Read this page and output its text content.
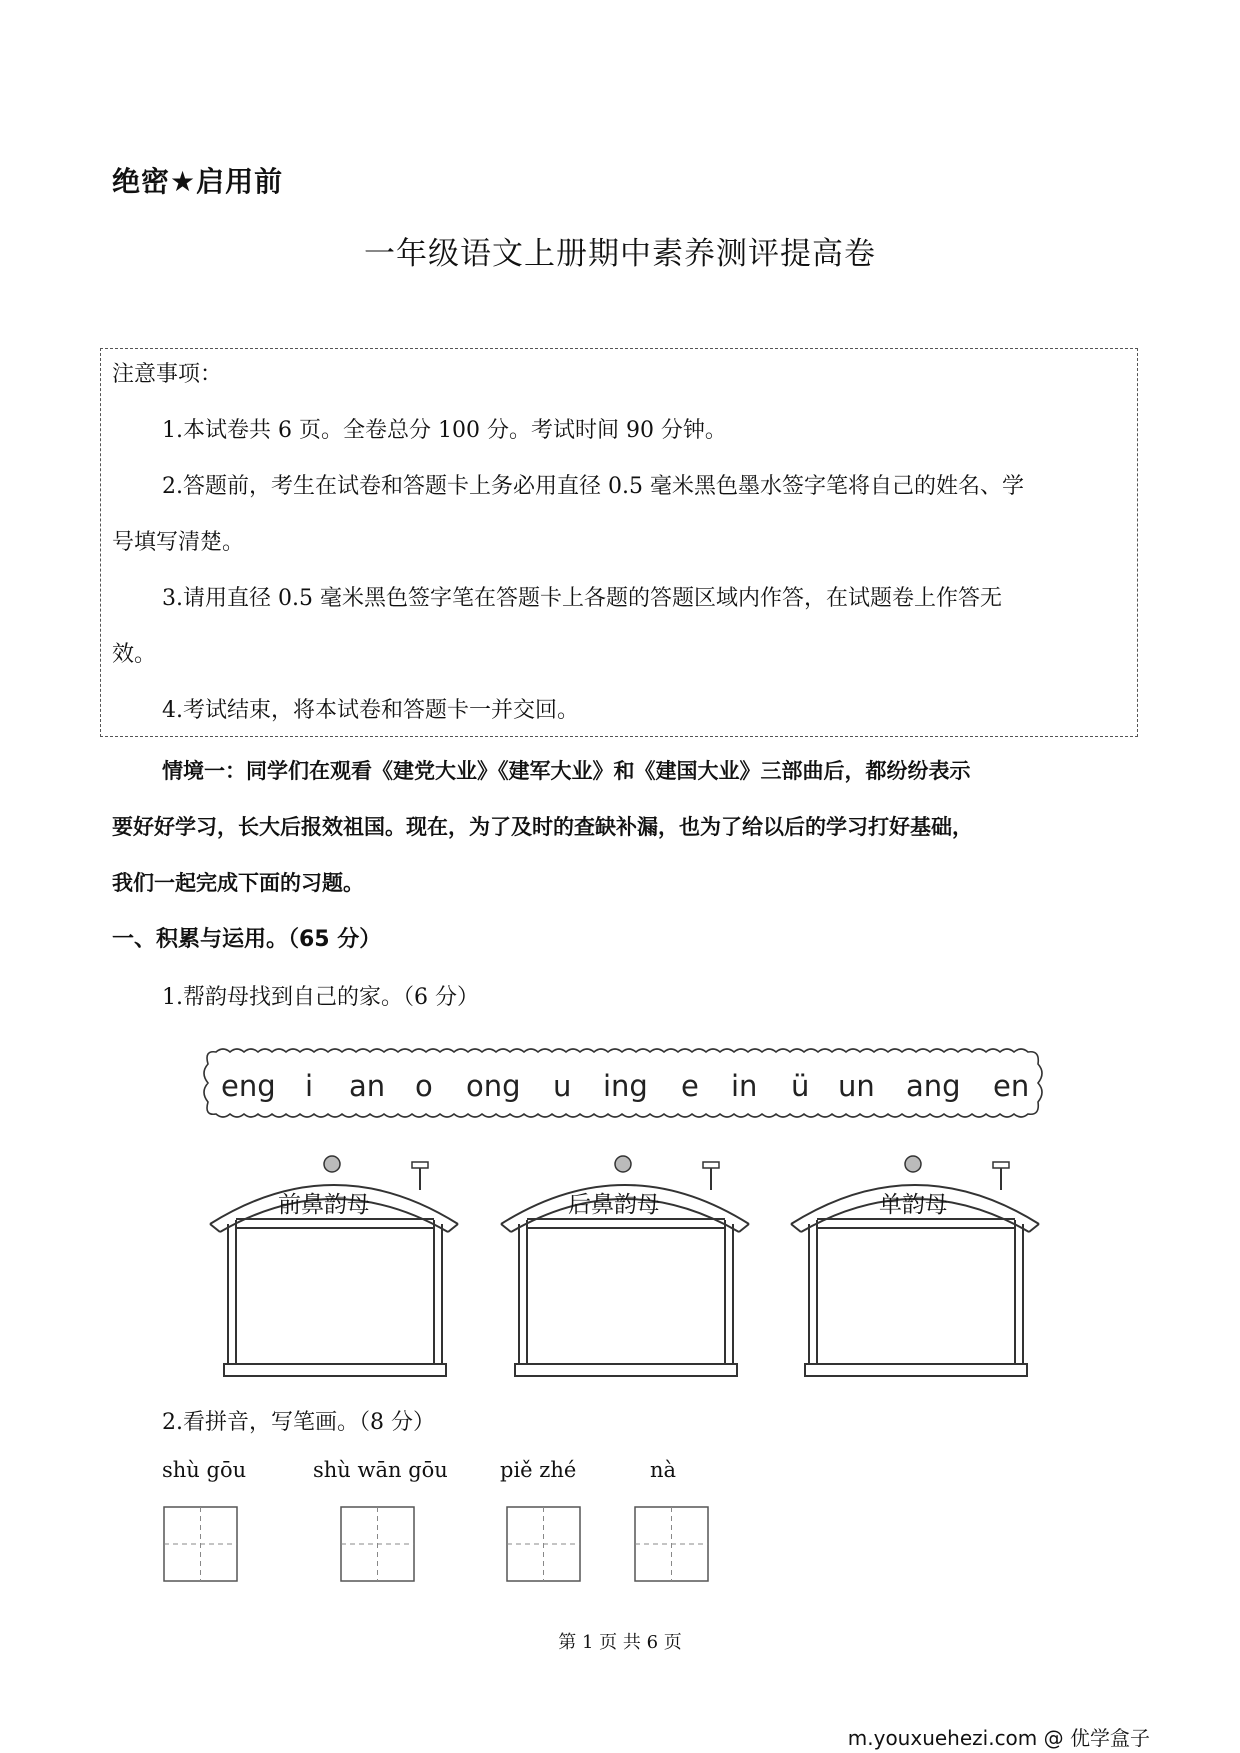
绝密★启用前
一年级语文上册期中素养测评提高卷
注意事项：
1.本试卷共 6 页。全卷总分 100 分。考试时间 90 分钟。
2.答题前，考生在试卷和答题卡上务必用直径 0.5 毫米黑色墨水签字笔将自己的姓名、学
号填写清楚。
3.请用直径 0.5 毫米黑色签字笔在答题卡上各题的答题区域内作答，在试题卷上作答无
效。
4.考试结束，将本试卷和答题卡一并交回。
情境一：同学们在观看《建党大业》《建军大业》和《建国大业》三部曲后，都纷纷表示
要好好学习，长大后报效祖国。现在，为了及时的查缺补漏，也为了给以后的学习打好基础，
我们一起完成下面的习题。
一、积累与运用。（65 分）
1.帮韵母找到自己的家。（6 分）
eng i an o ong u ing e in ü un ang en
前鼻韵母	后鼻韵母	单韵母
2.看拼音，写笔画。（8 分）
shù gōu	shù wān gōu piě zhé	nà
第 1 页 共 6 页
m.youxuehezi.com @ 优学盒子
